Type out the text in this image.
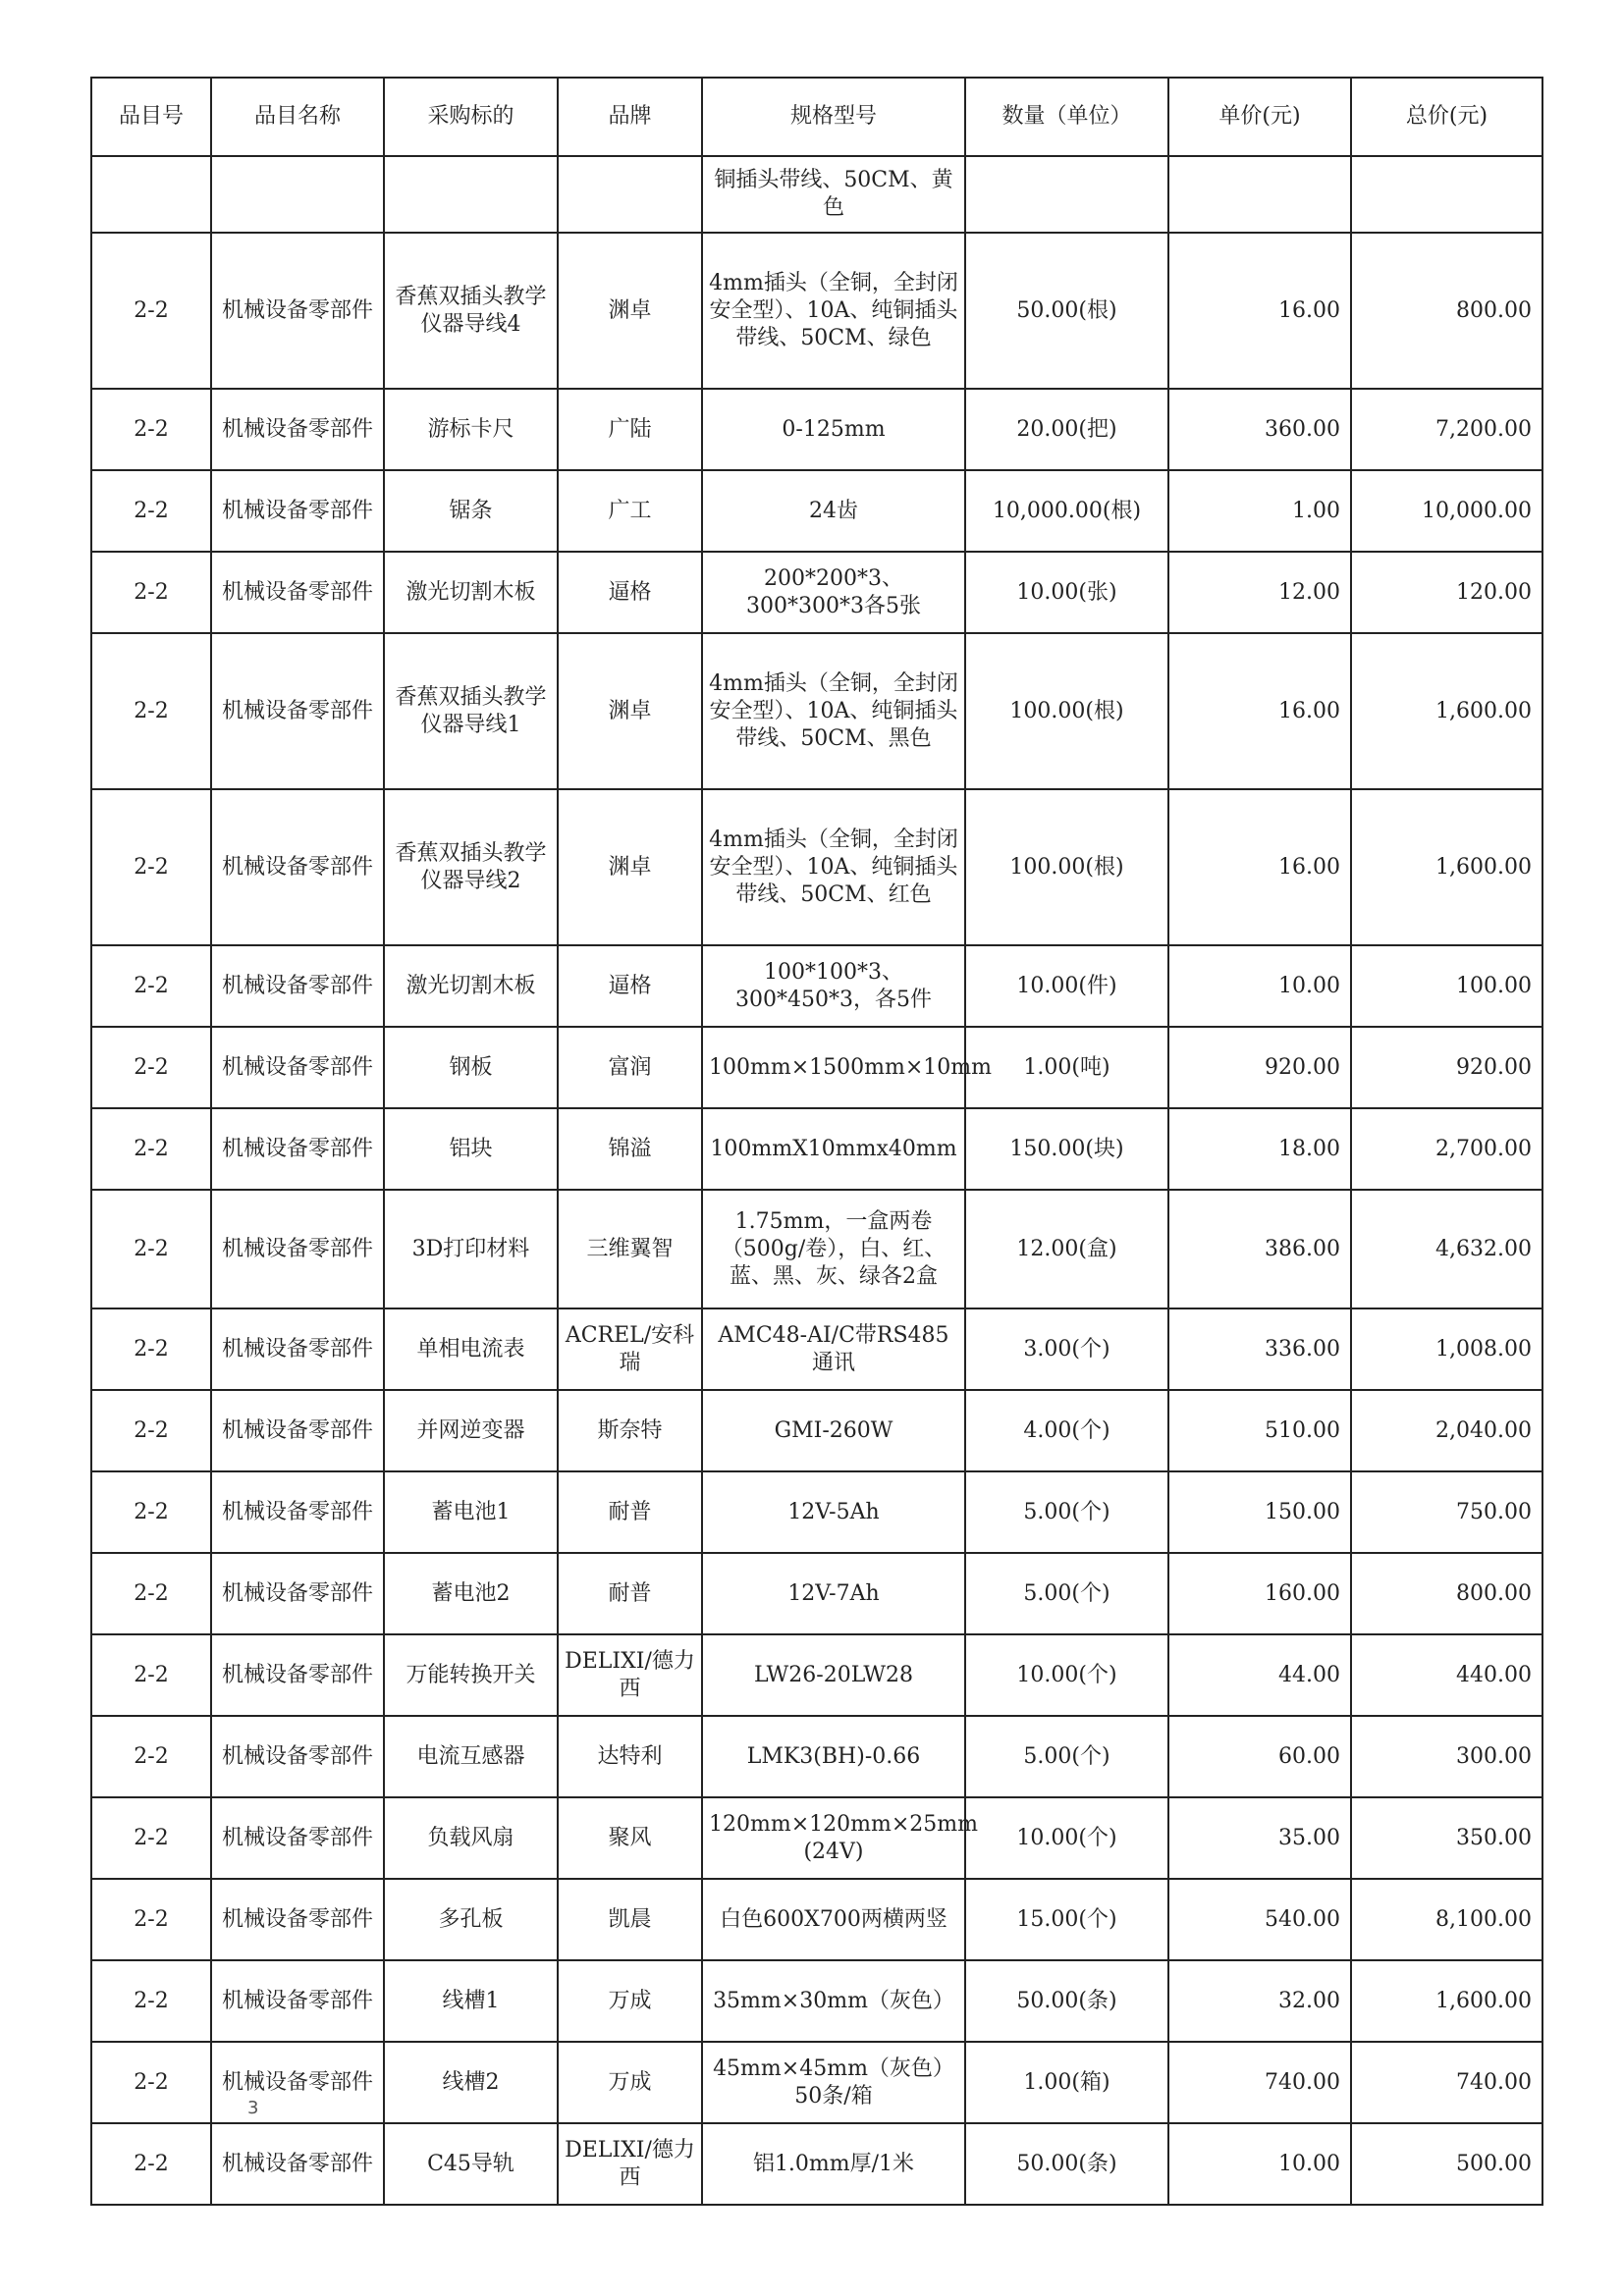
品目号	品目名称	采购标的	品牌	规格型号	数量（单位）	单价(元)	总价(元)
				铜插头带线、50CM、黄色			
2-2	机械设备零部件	香蕉双插头教学仪器导线4	渊卓	4mm插头（全铜，全封闭安全型）、10A、纯铜插头带线、50CM、绿色	50.00(根)	16.00	800.00
2-2	机械设备零部件	游标卡尺	广陆	0-125mm	20.00(把)	360.00	7,200.00
2-2	机械设备零部件	锯条	广工	24齿	10,000.00(根)	1.00	10,000.00
2-2	机械设备零部件	激光切割木板	逼格	200*200*3、300*300*3各5张	10.00(张)	12.00	120.00
2-2	机械设备零部件	香蕉双插头教学仪器导线1	渊卓	4mm插头（全铜，全封闭安全型）、10A、纯铜插头带线、50CM、黑色	100.00(根)	16.00	1,600.00
2-2	机械设备零部件	香蕉双插头教学仪器导线2	渊卓	4mm插头（全铜，全封闭安全型）、10A、纯铜插头带线、50CM、红色	100.00(根)	16.00	1,600.00
2-2	机械设备零部件	激光切割木板	逼格	100*100*3、300*450*3，各5件	10.00(件)	10.00	100.00
2-2	机械设备零部件	钢板	富润	100mm×1500mm×10mm	1.00(吨)	920.00	920.00
2-2	机械设备零部件	铝块	锦溢	100mmX10mmx40mm	150.00(块)	18.00	2,700.00
2-2	机械设备零部件	3D打印材料	三维翼智	1.75mm，一盒两卷（500g/卷），白、红、蓝、黑、灰、绿各2盒	12.00(盒)	386.00	4,632.00
2-2	机械设备零部件	单相电流表	ACREL/安科瑞	AMC48-AI/C带RS485通讯	3.00(个)	336.00	1,008.00
2-2	机械设备零部件	并网逆变器	斯奈特	GMI-260W	4.00(个)	510.00	2,040.00
2-2	机械设备零部件	蓄电池1	耐普	12V-5Ah	5.00(个)	150.00	750.00
2-2	机械设备零部件	蓄电池2	耐普	12V-7Ah	5.00(个)	160.00	800.00
2-2	机械设备零部件	万能转换开关	DELIXI/德力西	LW26-20LW28	10.00(个)	44.00	440.00
2-2	机械设备零部件	电流互感器	达特利	LMK3(BH)-0.66	5.00(个)	60.00	300.00
2-2	机械设备零部件	负载风扇	聚风	120mm×120mm×25mm (24V)	10.00(个)	35.00	350.00
2-2	机械设备零部件	多孔板	凯晨	白色600X700两横两竖	15.00(个)	540.00	8,100.00
2-2	机械设备零部件	线槽1	万成	35mm×30mm（灰色）	50.00(条)	32.00	1,600.00
2-2	机械设备零部件	线槽2	万成	45mm×45mm（灰色）50条/箱	1.00(箱)	740.00	740.00
2-2	机械设备零部件	C45导轨	DELIXI/德力西	铝1.0mm厚/1米	50.00(条)	10.00	500.00
3
